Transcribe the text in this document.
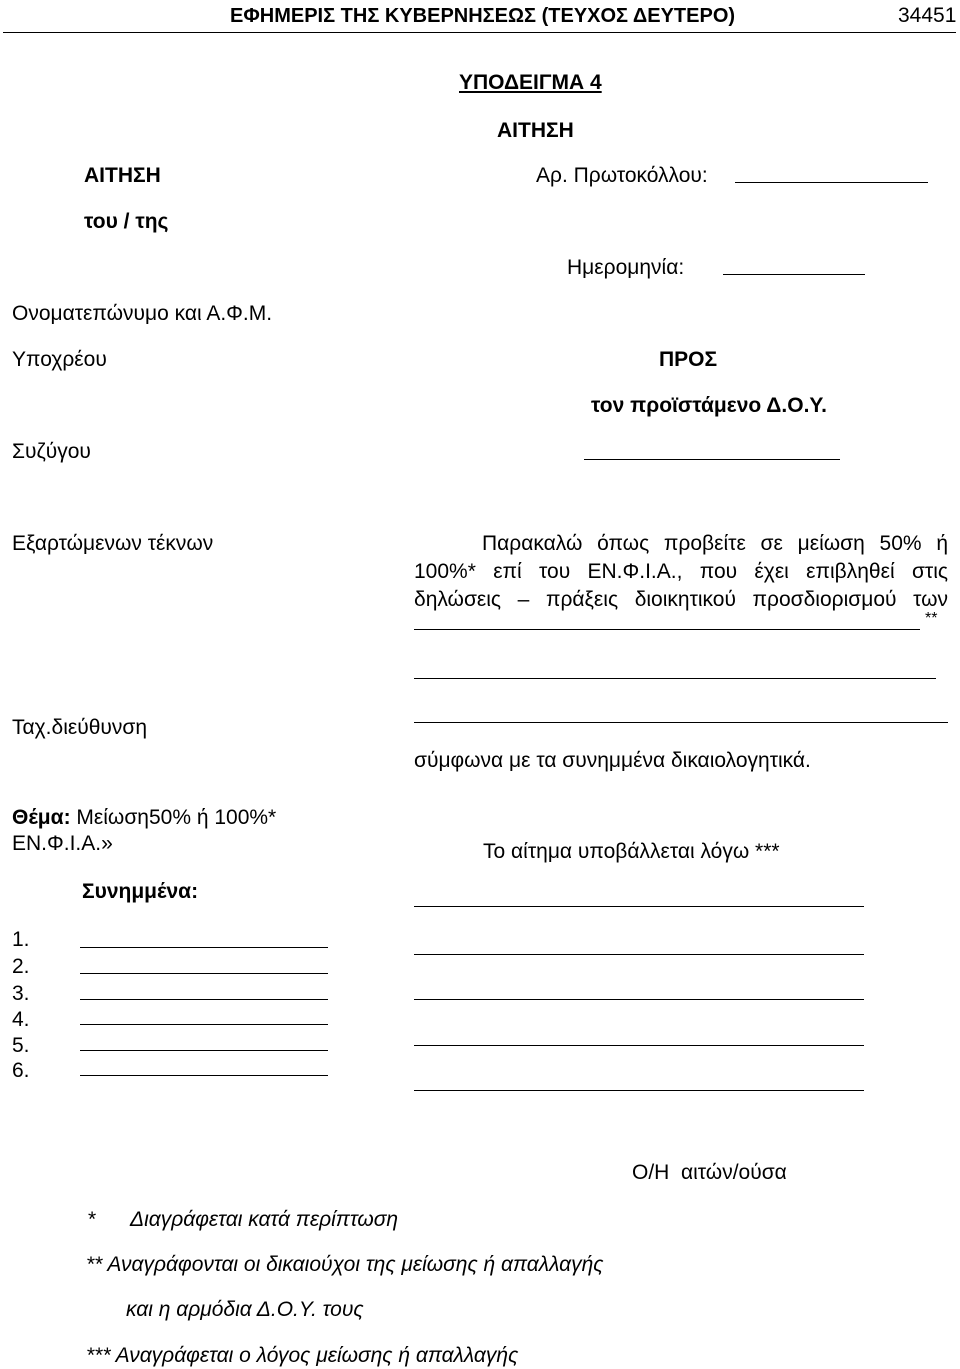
ΕΦΗΜΕΡΙΣ ΤΗΣ ΚΥΒΕΡΝΗΣΕΩΣ (ΤΕΥΧΟΣ ΔΕΥΤΕΡΟ)	34451
ΥΠΟΔΕΙΓΜΑ 4
ΑΙΤΗΣΗ
ΑΙΤΗΣΗ
του / της
Ονοματεπώνυμο και Α.Φ.Μ.
Υποχρέου
Συζύγου
Εξαρτώμενων τέκνων
Ταχ.διεύθυνση
Θέμα: Μείωση50% ή 100%*
ΕΝ.Φ.Ι.Α.»
Συνημμένα:
1.
2.
3.
4.
5.
6.
Αρ. Πρωτοκόλλου:
Ημερομηνία:
ΠΡΟΣ
τον προϊστάμενο Δ.Ο.Υ.
Παρακαλώ όπως προβείτε σε μείωση 50% ή
100%* επί του ΕΝ.Φ.Ι.Α., που έχει επιβληθεί στις
δηλώσεις – πράξεις διοικητικού προσδιορισμού των
**
σύμφωνα με τα συνημμένα δικαιολογητικά.
Το αίτημα υποβάλλεται λόγω ***
Ο/Η  αιτών/ούσα
* Διαγράφεται κατά περίπτωση
** Αναγράφονται οι δικαιούχοι της μείωσης ή απαλλαγής
και η αρμόδια Δ.Ο.Υ. τους
*** Αναγράφεται ο λόγος μείωσης ή απαλλαγής
